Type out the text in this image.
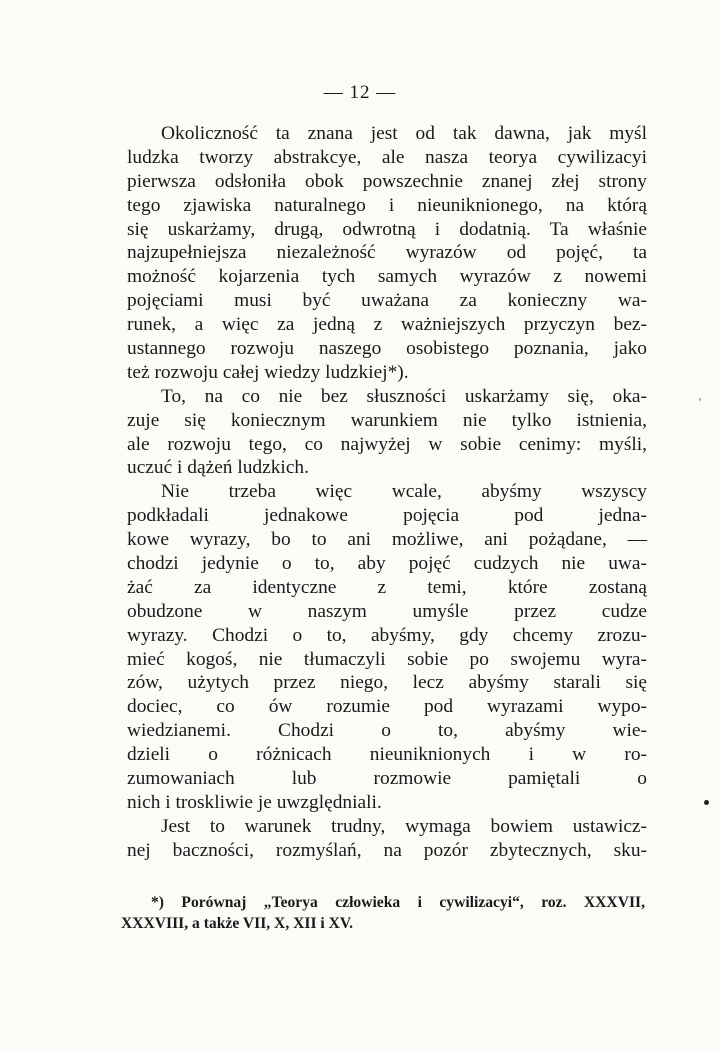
— 12 —
Okoliczność ta znana jest od tak dawna, jak myśl
ludzka tworzy abstrakcye, ale nasza teorya cywilizacyi
pierwsza odsłoniła obok powszechnie znanej złej strony
tego zjawiska naturalnego i nieuniknionego, na którą
się uskarżamy, drugą, odwrotną i dodatnią. Ta właśnie
najzupełniejsza niezależność wyrazów od pojęć, ta
możność kojarzenia tych samych wyrazów z nowemi
pojęciami musi być uważana za konieczny wa-
runek, a więc za jedną z ważniejszych przyczyn bez-
ustannego rozwoju naszego osobistego poznania, jako
też rozwoju całej wiedzy ludzkiej*).
To, na co nie bez słuszności uskarżamy się, oka-
zuje się koniecznym warunkiem nie tylko istnienia,
ale rozwoju tego, co najwyżej w sobie cenimy: myśli,
uczuć i dążeń ludzkich.
Nie trzeba więc wcale, abyśmy wszyscy
podkładali jednakowe pojęcia pod jedna-
kowe wyrazy, bo to ani możliwe, ani pożądane, —
chodzi jedynie o to, aby pojęć cudzych nie uwa-
żać za identyczne z temi, które zostaną
obudzone w naszym umyśle przez cudze
wyrazy. Chodzi o to, abyśmy, gdy chcemy zrozu-
mieć kogoś, nie tłumaczyli sobie po swojemu wyra-
zów, użytych przez niego, lecz abyśmy starali się
dociec, co ów rozumie pod wyrazami wypo-
wiedzianemi. Chodzi o to, abyśmy wie-
dzieli o różnicach nieuniknionych i w ro-
zumowaniach lub rozmowie pamiętali o
nich i troskliwie je uwzględniali.
Jest to warunek trudny, wymaga bowiem ustawicz-
nej baczności, rozmyślań, na pozór zbytecznych, sku-
*) Porównaj „Teorya człowieka i cywilizacyi“, roz. XXXVII,
XXXVIII, a także VII, X, XII i XV.
